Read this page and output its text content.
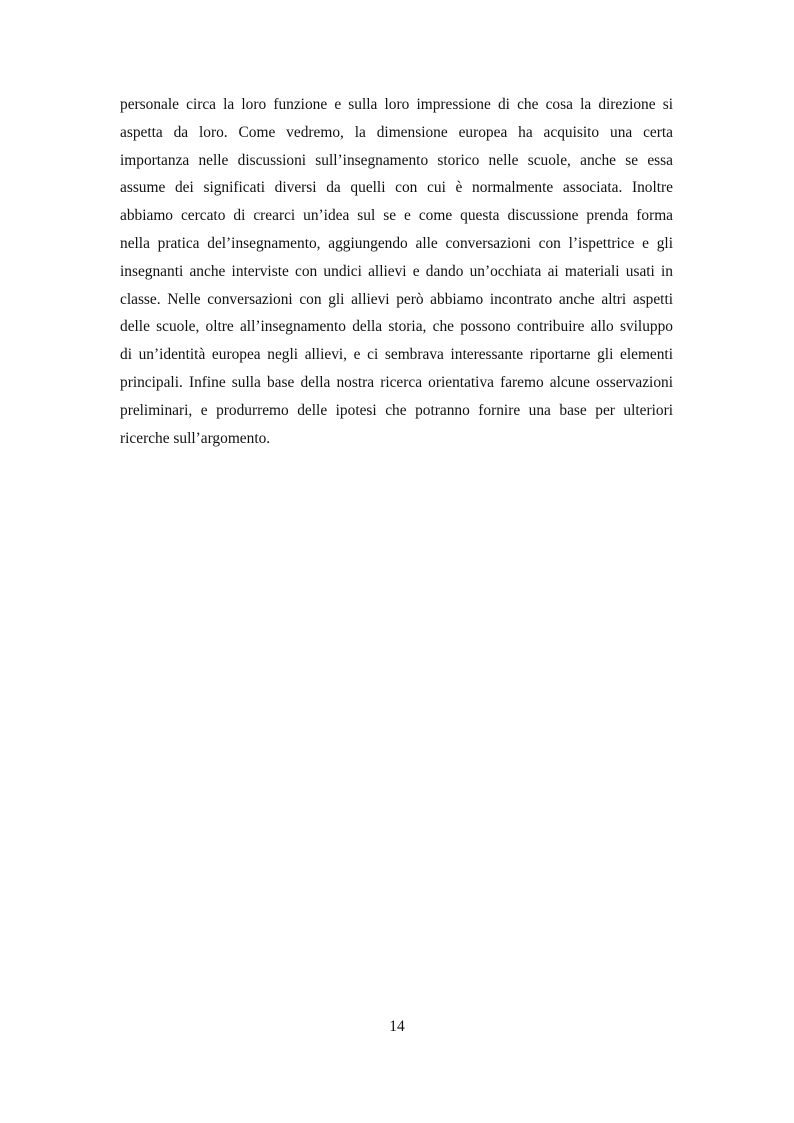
personale circa la loro funzione e sulla loro impressione di che cosa la direzione si
aspetta da loro. Come vedremo, la dimensione europea ha acquisito una certa
importanza nelle discussioni sull’insegnamento storico nelle scuole, anche se essa
assume dei significati diversi da quelli con cui è normalmente associata. Inoltre
abbiamo cercato di crearci un’idea sul se e come questa discussione prenda forma
nella pratica del’insegnamento, aggiungendo alle conversazioni con l’ispettrice e gli
insegnanti anche interviste con undici allievi e dando un’occhiata ai materiali usati in
classe. Nelle conversazioni con gli allievi però abbiamo incontrato anche altri aspetti
delle scuole, oltre all’insegnamento della storia, che possono contribuire allo sviluppo
di un’identità europea negli allievi, e ci sembrava interessante riportarne gli elementi
principali. Infine sulla base della nostra ricerca orientativa faremo alcune osservazioni
preliminari, e produrremo delle ipotesi che potranno fornire una base per ulteriori
ricerche sull’argomento.
14
